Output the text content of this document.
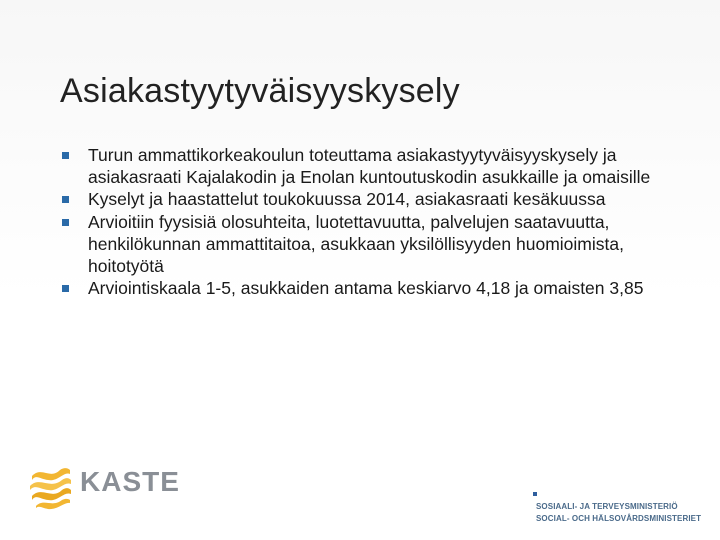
Asiakastyytyväisyyskysely
Turun ammattikorkeakoulun toteuttama asiakastyytyväisyyskysely ja asiakasraati Kajalakodin ja Enolan kuntoutuskodin asukkaille ja omaisille
Kyselyt ja haastattelut toukokuussa 2014, asiakasraati kesäkuussa
Arvioitiin fyysisiä olosuhteita, luotettavuutta, palvelujen saatavuutta, henkilökunnan ammattitaitoa, asukkaan yksilöllisyyden huomioimista, hoitotyötä
Arviointiskaala 1-5, asukkaiden antama keskiarvo 4,18 ja omaisten 3,85
KASTE
SOSIAALI- JA TERVEYSMINISTERIÖ
SOCIAL- OCH HÄLSOVÅRDSMINISTERIET
